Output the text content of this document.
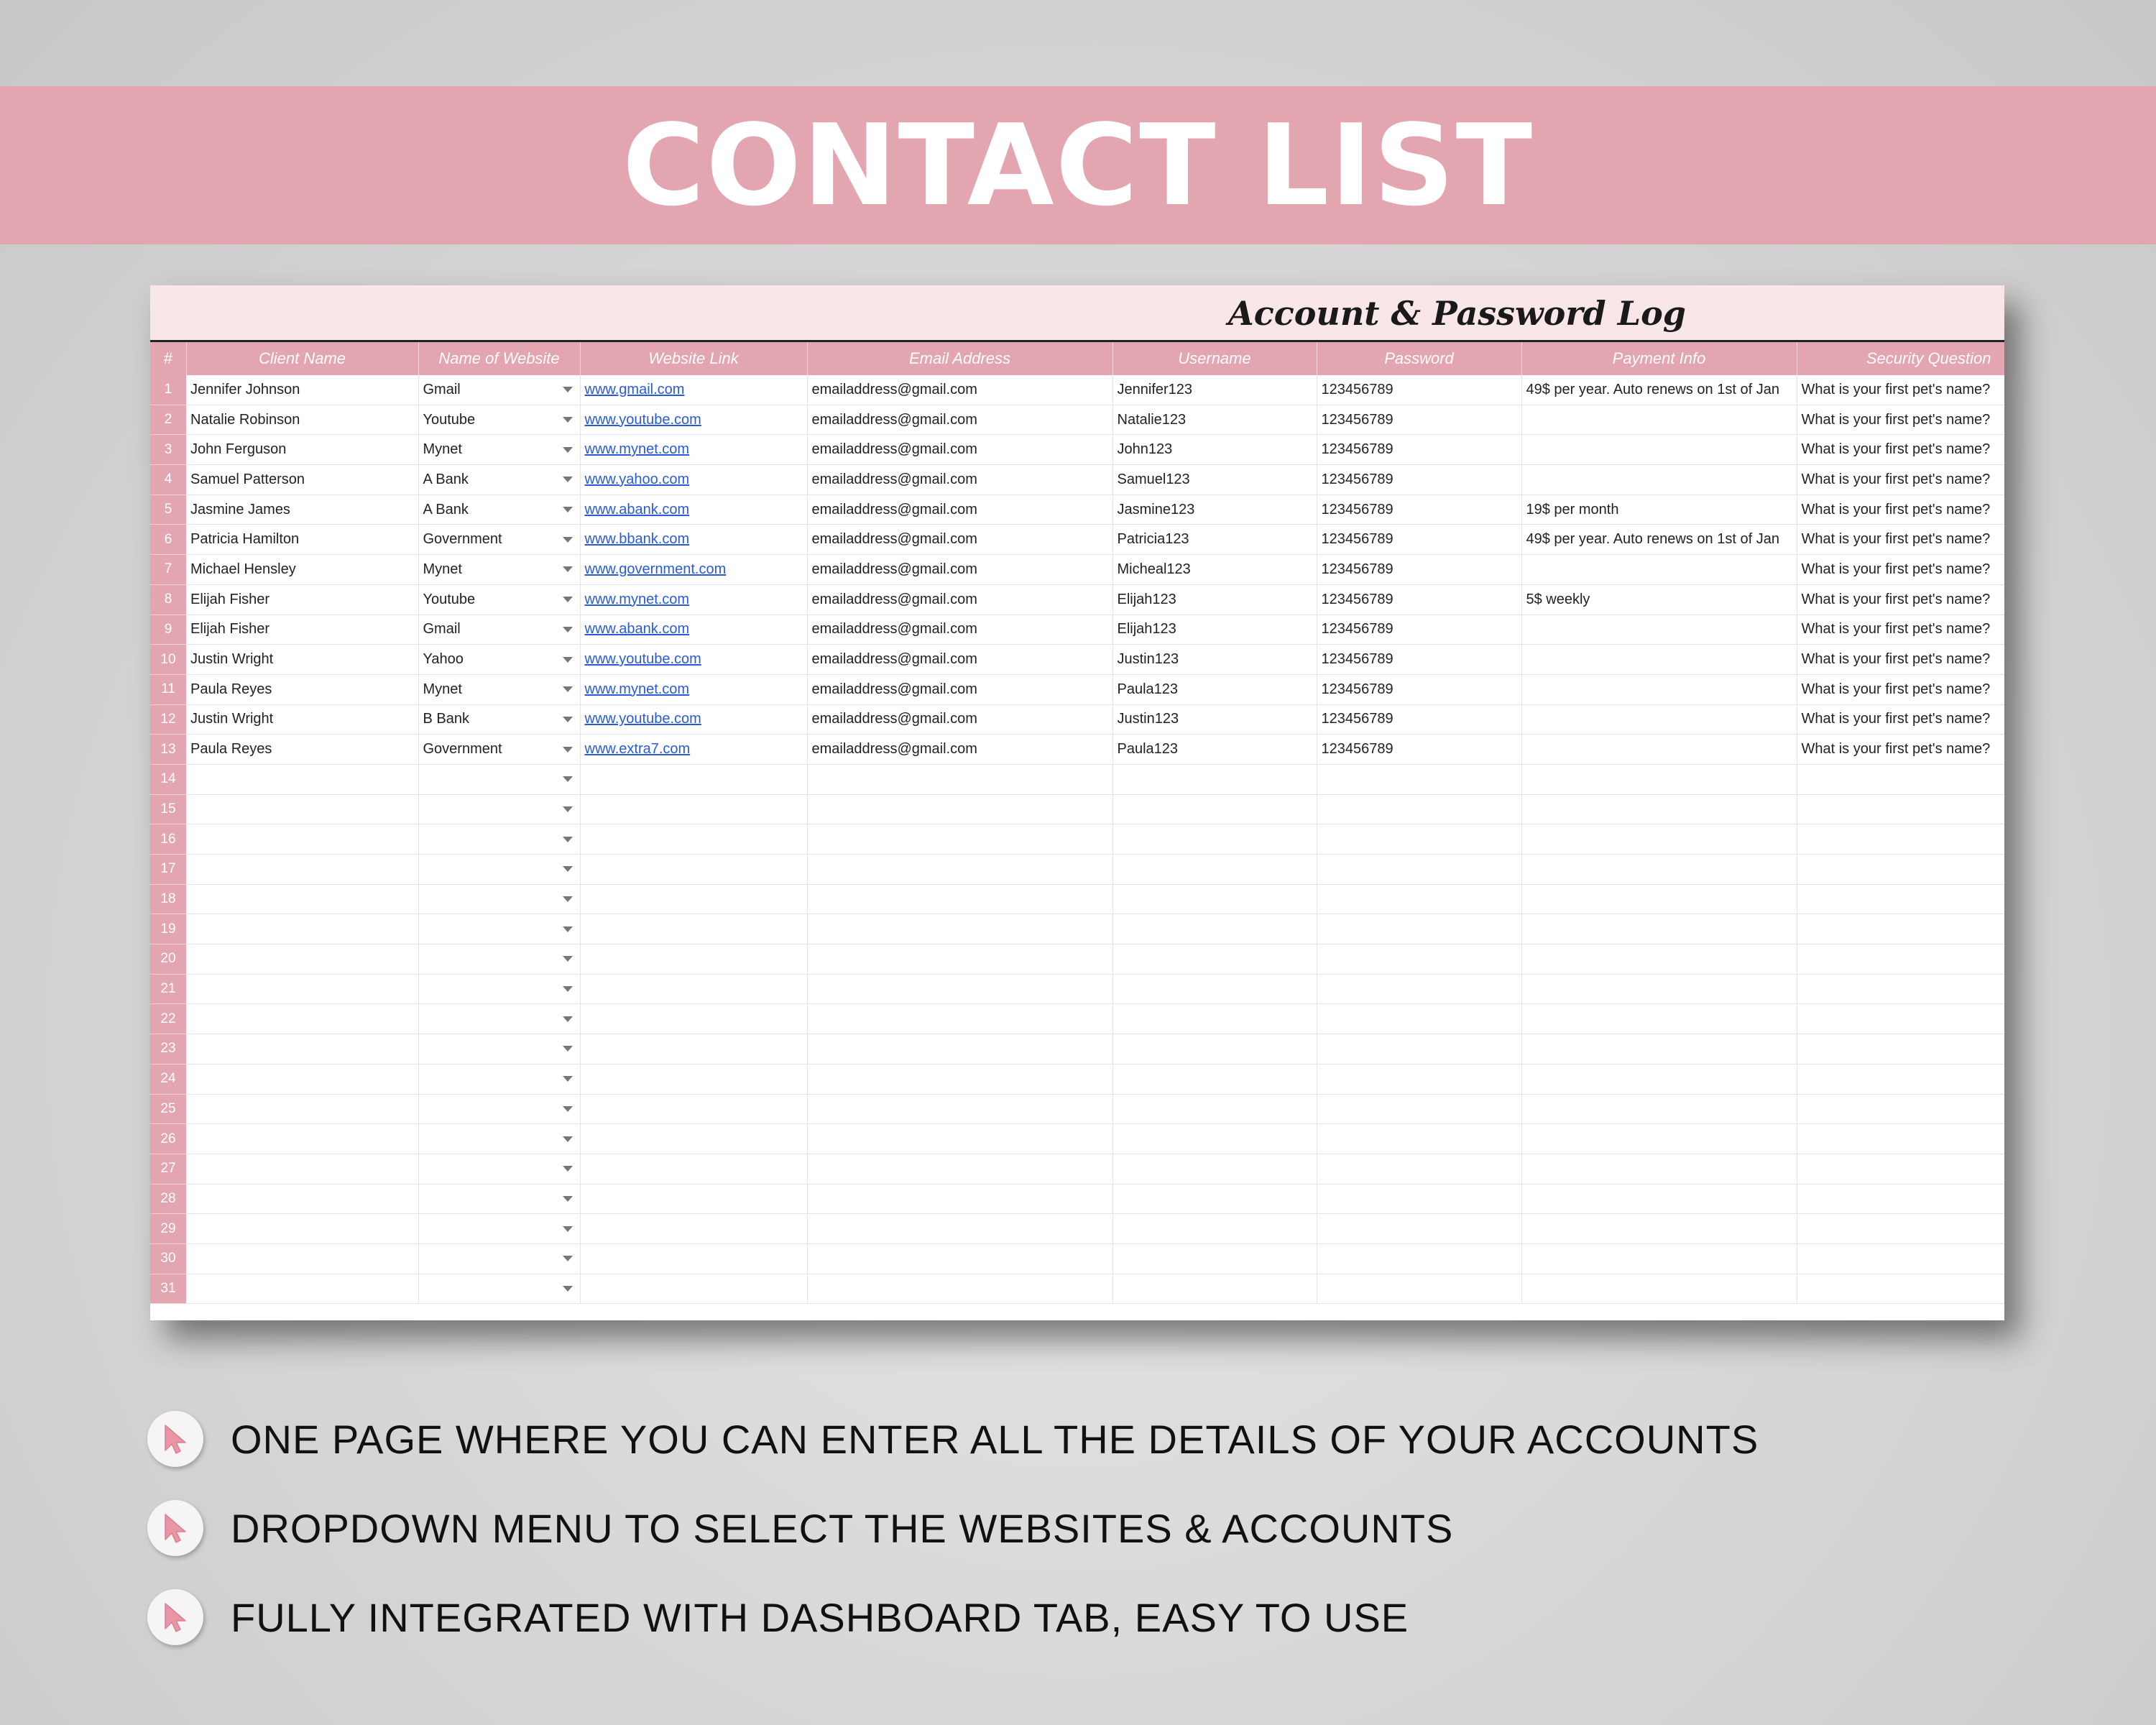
CONTACT LIST
Account & Password Log
#	Client Name	Name of Website	Website Link	Email Address	Username	Password	Payment Info	Security Question
1	Jennifer Johnson	Gmail	www.gmail.com	emailaddress@gmail.com	Jennifer123	123456789	49$ per year. Auto renews on 1st of Jan	What is your first pet's name?
2	Natalie Robinson	Youtube	www.youtube.com	emailaddress@gmail.com	Natalie123	123456789		What is your first pet's name?
3	John Ferguson	Mynet	www.mynet.com	emailaddress@gmail.com	John123	123456789		What is your first pet's name?
4	Samuel Patterson	A Bank	www.yahoo.com	emailaddress@gmail.com	Samuel123	123456789		What is your first pet's name?
5	Jasmine James	A Bank	www.abank.com	emailaddress@gmail.com	Jasmine123	123456789	19$ per month	What is your first pet's name?
6	Patricia Hamilton	Government	www.bbank.com	emailaddress@gmail.com	Patricia123	123456789	49$ per year. Auto renews on 1st of Jan	What is your first pet's name?
7	Michael Hensley	Mynet	www.government.com	emailaddress@gmail.com	Micheal123	123456789		What is your first pet's name?
8	Elijah Fisher	Youtube	www.mynet.com	emailaddress@gmail.com	Elijah123	123456789	5$ weekly	What is your first pet's name?
9	Elijah Fisher	Gmail	www.abank.com	emailaddress@gmail.com	Elijah123	123456789		What is your first pet's name?
10	Justin Wright	Yahoo	www.youtube.com	emailaddress@gmail.com	Justin123	123456789		What is your first pet's name?
11	Paula Reyes	Mynet	www.mynet.com	emailaddress@gmail.com	Paula123	123456789		What is your first pet's name?
12	Justin Wright	B Bank	www.youtube.com	emailaddress@gmail.com	Justin123	123456789		What is your first pet's name?
13	Paula Reyes	Government	www.extra7.com	emailaddress@gmail.com	Paula123	123456789		What is your first pet's name?
14		

15		

16		

17		

18		

19		

20		

21		

22		

23		

24		

25		

26		

27		

28		

29		

30		

31		

ONE PAGE WHERE YOU CAN ENTER ALL THE DETAILS OF YOUR ACCOUNTS
DROPDOWN MENU TO SELECT THE WEBSITES & ACCOUNTS
FULLY INTEGRATED WITH DASHBOARD TAB, EASY TO USE
